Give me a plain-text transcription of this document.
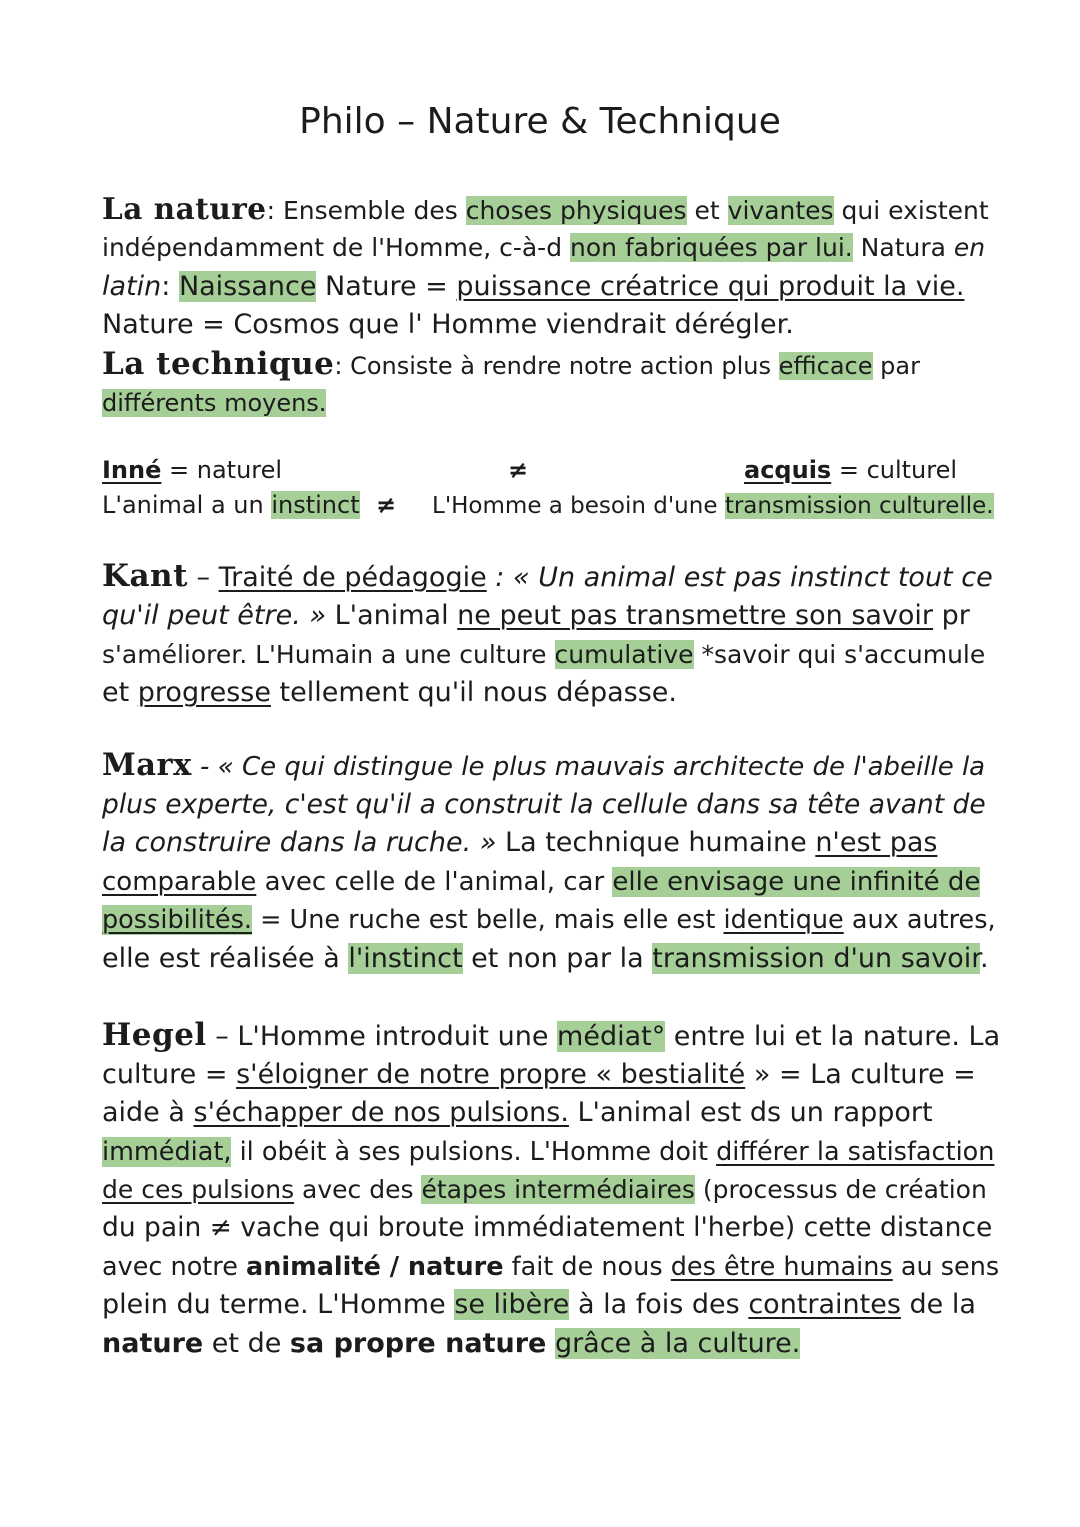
Philo – Nature & Technique
La nature: Ensemble des choses physiques et vivantes qui existent
indépendamment de l'Homme, c-à-d non fabriquées par lui. Natura en
latin: Naissance Nature = puissance créatrice qui produit la vie.
Nature = Cosmos que l' Homme viendrait dérégler.
La technique: Consiste à rendre notre action plus efficace par
différents moyens.
Inné = naturel	≠	acquis = culturel
L'animal a un instinct ≠ L'Homme a besoin d'une transmission culturelle.
Kant – Traité de pédagogie : « Un animal est pas instinct tout ce
qu'il peut être. » L'animal ne peut pas transmettre son savoir pr
s'améliorer. L'Humain a une culture cumulative *savoir qui s'accumule
et progresse tellement qu'il nous dépasse.
Marx - « Ce qui distingue le plus mauvais architecte de l'abeille la
plus experte, c'est qu'il a construit la cellule dans sa tête avant de
la construire dans la ruche. » La technique humaine n'est pas
comparable avec celle de l'animal, car elle envisage une infinité de
possibilités. = Une ruche est belle, mais elle est identique aux autres,
elle est réalisée à l'instinct et non par la transmission d'un savoir.
Hegel – L'Homme introduit une médiat° entre lui et la nature. La
culture = s'éloigner de notre propre « bestialité » = La culture =
aide à s'échapper de nos pulsions. L'animal est ds un rapport
immédiat, il obéit à ses pulsions. L'Homme doit différer la satisfaction
de ces pulsions avec des étapes intermédiaires (processus de création
du pain ≠ vache qui broute immédiatement l'herbe) cette distance
avec notre animalité / nature fait de nous des être humains au sens
plein du terme. L'Homme se libère à la fois des contraintes de la
nature et de sa propre nature grâce à la culture.
